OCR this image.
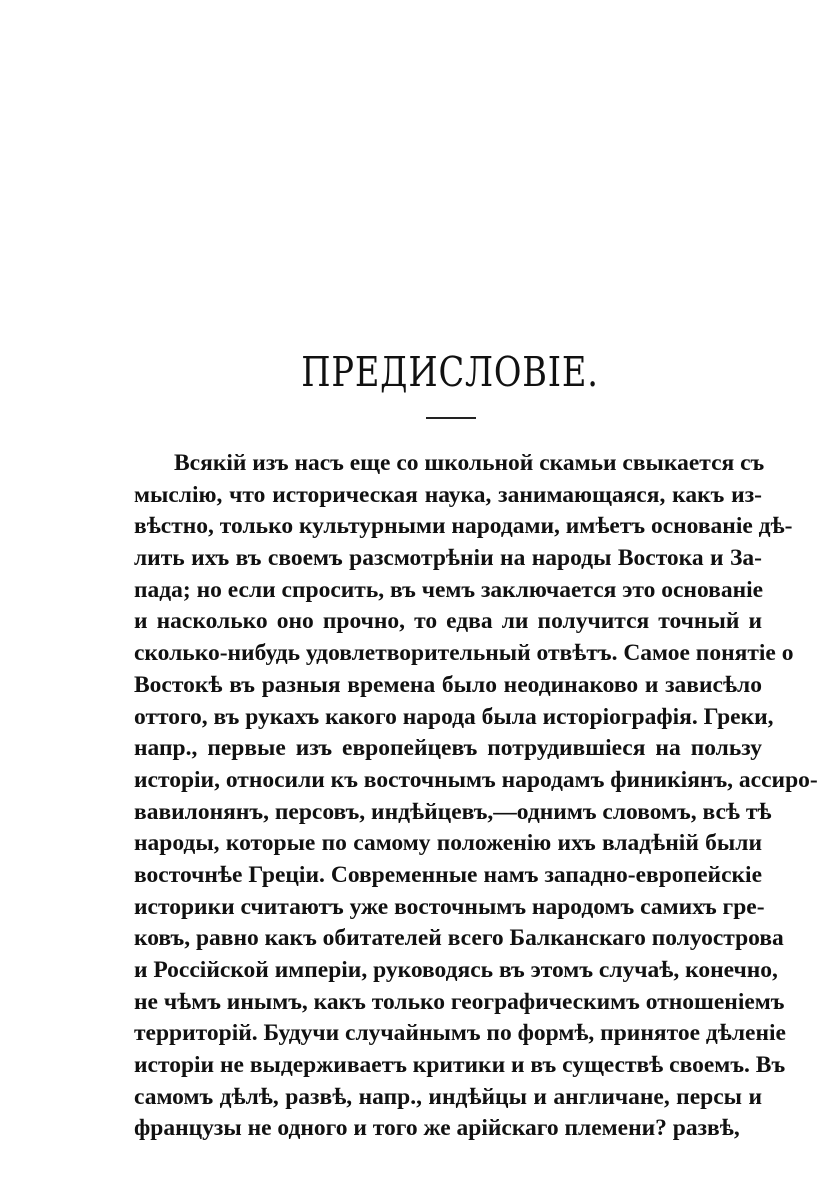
ПРЕДИСЛОВІЕ.
Всякій изъ насъ еще со школьной скамьи свыкается съ
мыслію, что историческая наука, занимающаяся, какъ из-
вѣстно, только культурными народами, имѣетъ основаніе дѣ-
лить ихъ въ своемъ разсмотрѣніи на народы Востока и За-
пада; но если спросить, въ чемъ заключается это основаніе
и насколько оно прочно, то едва ли получится точный и
сколько-нибудь удовлетворительный отвѣтъ. Самое понятіе о
Востокѣ въ разныя времена было неодинаково и зависѣло
оттого, въ рукахъ какого народа была исторіографія. Греки,
напр., первые изъ европейцевъ потрудившіеся на пользу
исторіи, относили къ восточнымъ народамъ финикіянъ, ассиро-
вавилонянъ, персовъ, индѣйцевъ,—однимъ словомъ, всѣ тѣ
народы, которые по самому положенію ихъ владѣній были
восточнѣе Греціи. Современные намъ западно-европейскіе
историки считаютъ уже восточнымъ народомъ самихъ гре-
ковъ, равно какъ обитателей всего Балканскаго полуострова
и Россійской имперіи, руководясь въ этомъ случаѣ, конечно,
не чѣмъ инымъ, какъ только географическимъ отношеніемъ
территорій. Будучи случайнымъ по формѣ, принятое дѣленіе
исторіи не выдерживаетъ критики и въ существѣ своемъ. Въ
самомъ дѣлѣ, развѣ, напр., индѣйцы и англичане, персы и
французы не одного и того же арійскаго племени? развѣ,
